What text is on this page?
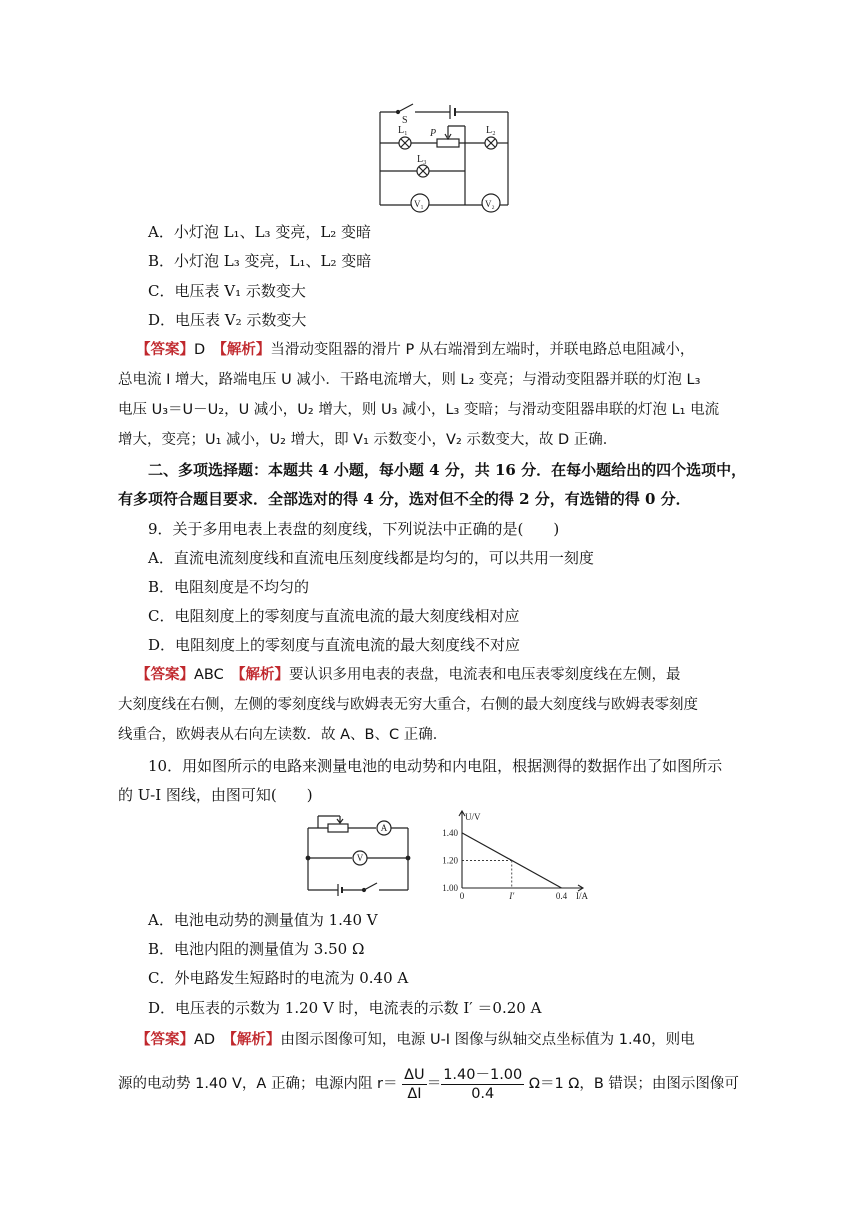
S
L₁ P	L₂
L₃
V₁	V₂
A．小灯泡 L₁、L₃ 变亮，L₂ 变暗
B．小灯泡 L₃ 变亮，L₁、L₂ 变暗
C．电压表 V₁ 示数变大
D．电压表 V₂ 示数变大
【答案】D　 【解析】当滑动变阻器的滑片 P 从右端滑到左端时，并联电路总电阻减小，
总电流 I 增大，路端电压 U 减小．干路电流增大，则 L₂ 变亮；与滑动变阻器并联的灯泡 L₃
电压 U₃＝U－U₂，U 减小，U₂ 增大，则 U₃ 减小，L₃ 变暗；与滑动变阻器串联的灯泡 L₁ 电流
增大，变亮；U₁ 减小，U₂ 增大，即 V₁ 示数变小，V₂ 示数变大，故 D 正确．
二、多项选择题：本题共 4 小题，每小题 4 分，共 16 分．在每小题给出的四个选项中，
有多项符合题目要求．全部选对的得 4 分，选对但不全的得 2 分，有选错的得 0 分．
9．关于多用电表上表盘的刻度线，下列说法中正确的是(　　)
A．直流电流刻度线和直流电压刻度线都是均匀的，可以共用一刻度
B．电阻刻度是不均匀的
C．电阻刻度上的零刻度与直流电流的最大刻度线相对应
D．电阻刻度上的零刻度与直流电流的最大刻度线不对应
【答案】ABC　 【解析】要认识多用电表的表盘，电流表和电压表零刻度线在左侧，最
大刻度线在右侧，左侧的零刻度线与欧姆表无穷大重合，右侧的最大刻度线与欧姆表零刻度
线重合，欧姆表从右向左读数．故 A、B、C 正确．
10．用如图所示的电路来测量电池的电动势和内电阻，根据测得的数据作出了如图所示
的 U-I 图线，由图可知(　　)
A
V
1.00
1.20
1.40
0	I′	0.4
U/V
I/A
A．电池电动势的测量值为 1.40 V
B．电池内阻的测量值为 3.50 Ω
C．外电路发生短路时的电流为 0.40 A
D．电压表的示数为 1.20 V 时，电流表的示数 I′ ＝0.20 A
【答案】AD　 【解析】由图示图像可知，电源 U-I 图像与纵轴交点坐标值为 1.40，则电
源的电动势 1.40 V，A 正确；电源内阻 $r= \frac{\Delta U}{\Delta I} = \frac{1.40-1.00}{0.4} \Omega=1$ Ω，B 错误；由图示图像可
